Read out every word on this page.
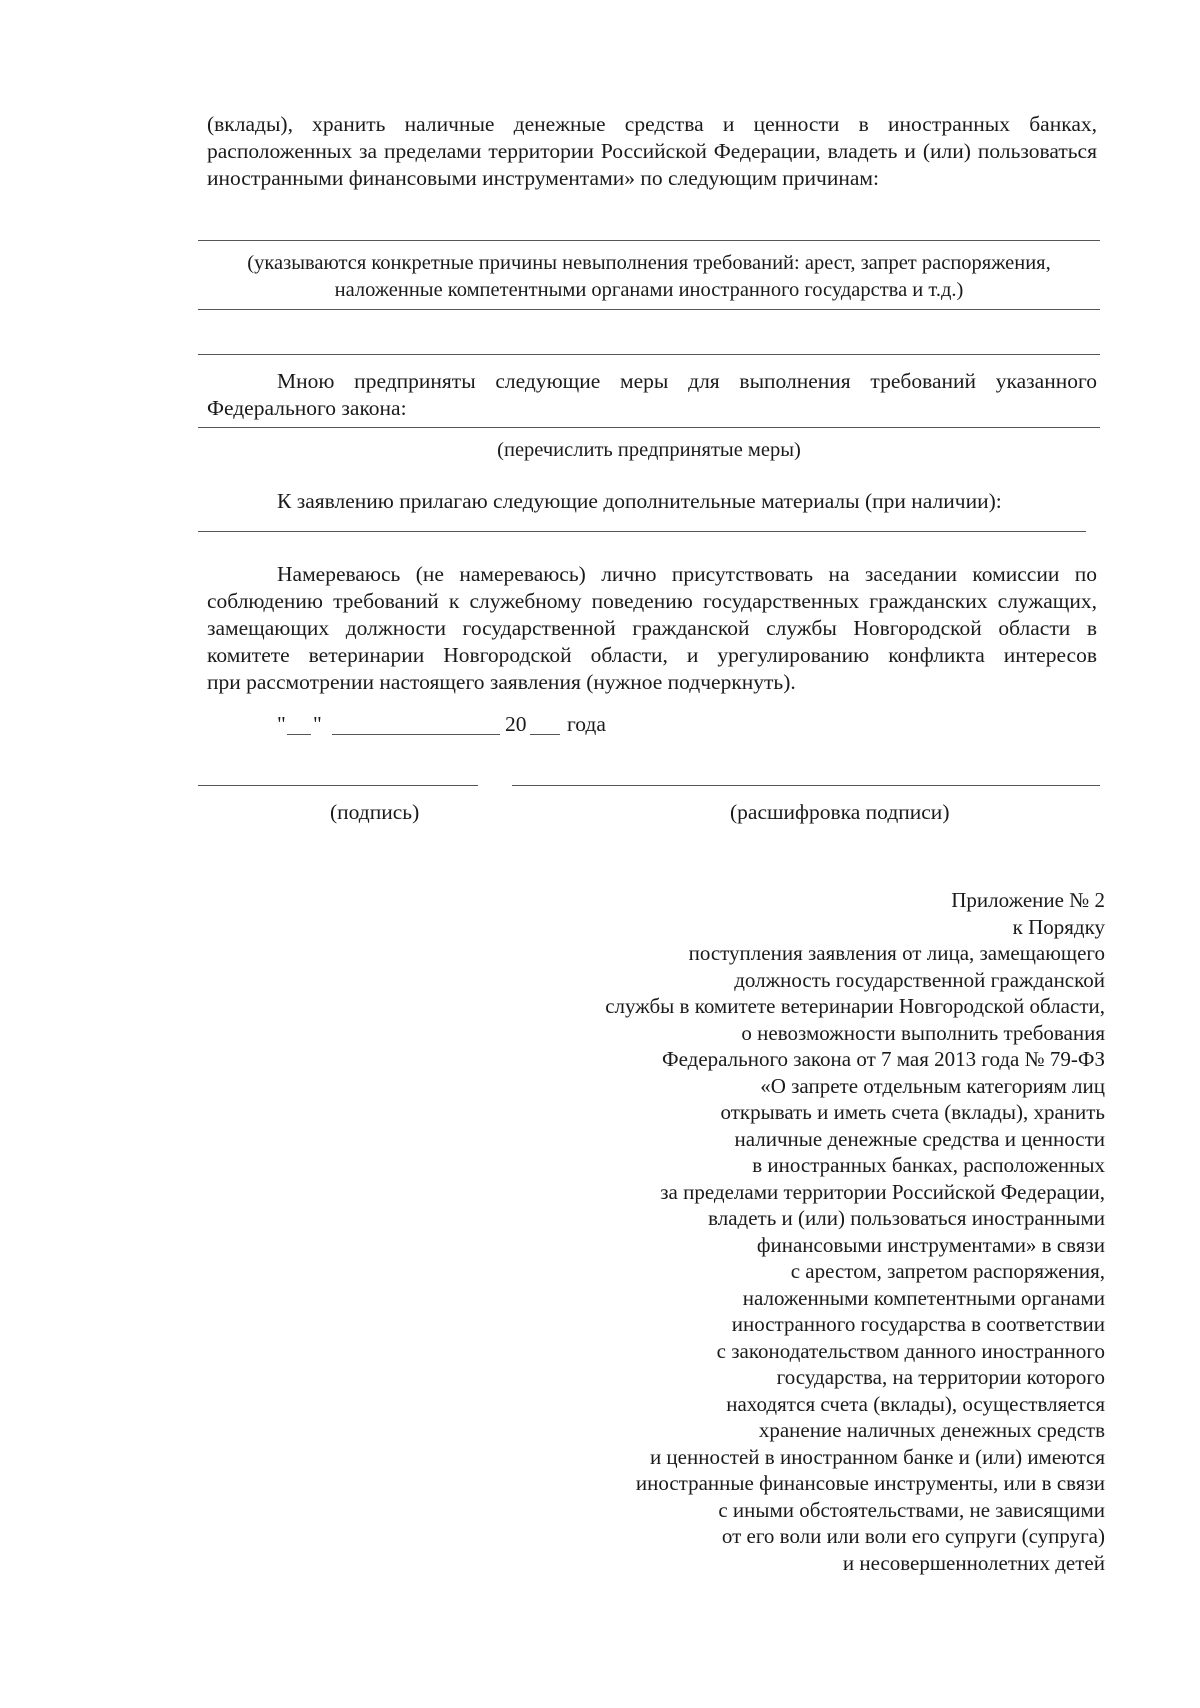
(вклады), хранить наличные денежные средства и ценности в иностранных банках,
расположенных за пределами территории Российской Федерации, владеть и (или) пользоваться
иностранными финансовыми инструментами» по следующим причинам:
(указываются конкретные причины невыполнения требований: арест, запрет распоряжения,
наложенные компетентными органами иностранного государства и т.д.)
Мною предприняты следующие меры для выполнения требований указанного
Федерального закона:
(перечислить предпринятые меры)
К заявлению прилагаю следующие дополнительные материалы (при наличии):
Намереваюсь (не намереваюсь) лично присутствовать на заседании комиссии по
соблюдению требований к служебному поведению государственных гражданских служащих,
замещающих должности государственной гражданской службы Новгородской области в
комитете ветеринарии Новгородской области, и урегулированию конфликта интересов
при рассмотрении настоящего заявления (нужное подчеркнуть).
" "	20 года
(подпись)	(расшифровка подписи)
Приложение № 2
к Порядку
поступления заявления от лица, замещающего
должность государственной гражданской
службы в комитете ветеринарии Новгородской области,
о невозможности выполнить требования
Федерального закона от 7 мая 2013 года № 79-ФЗ
«О запрете отдельным категориям лиц
открывать и иметь счета (вклады), хранить
наличные денежные средства и ценности
в иностранных банках, расположенных
за пределами территории Российской Федерации,
владеть и (или) пользоваться иностранными
финансовыми инструментами» в связи
с арестом, запретом распоряжения,
наложенными компетентными органами
иностранного государства в соответствии
с законодательством данного иностранного
государства, на территории которого
находятся счета (вклады), осуществляется
хранение наличных денежных средств
и ценностей в иностранном банке и (или) имеются
иностранные финансовые инструменты, или в связи
с иными обстоятельствами, не зависящими
от его воли или воли его супруги (супруга)
и несовершеннолетних детей
